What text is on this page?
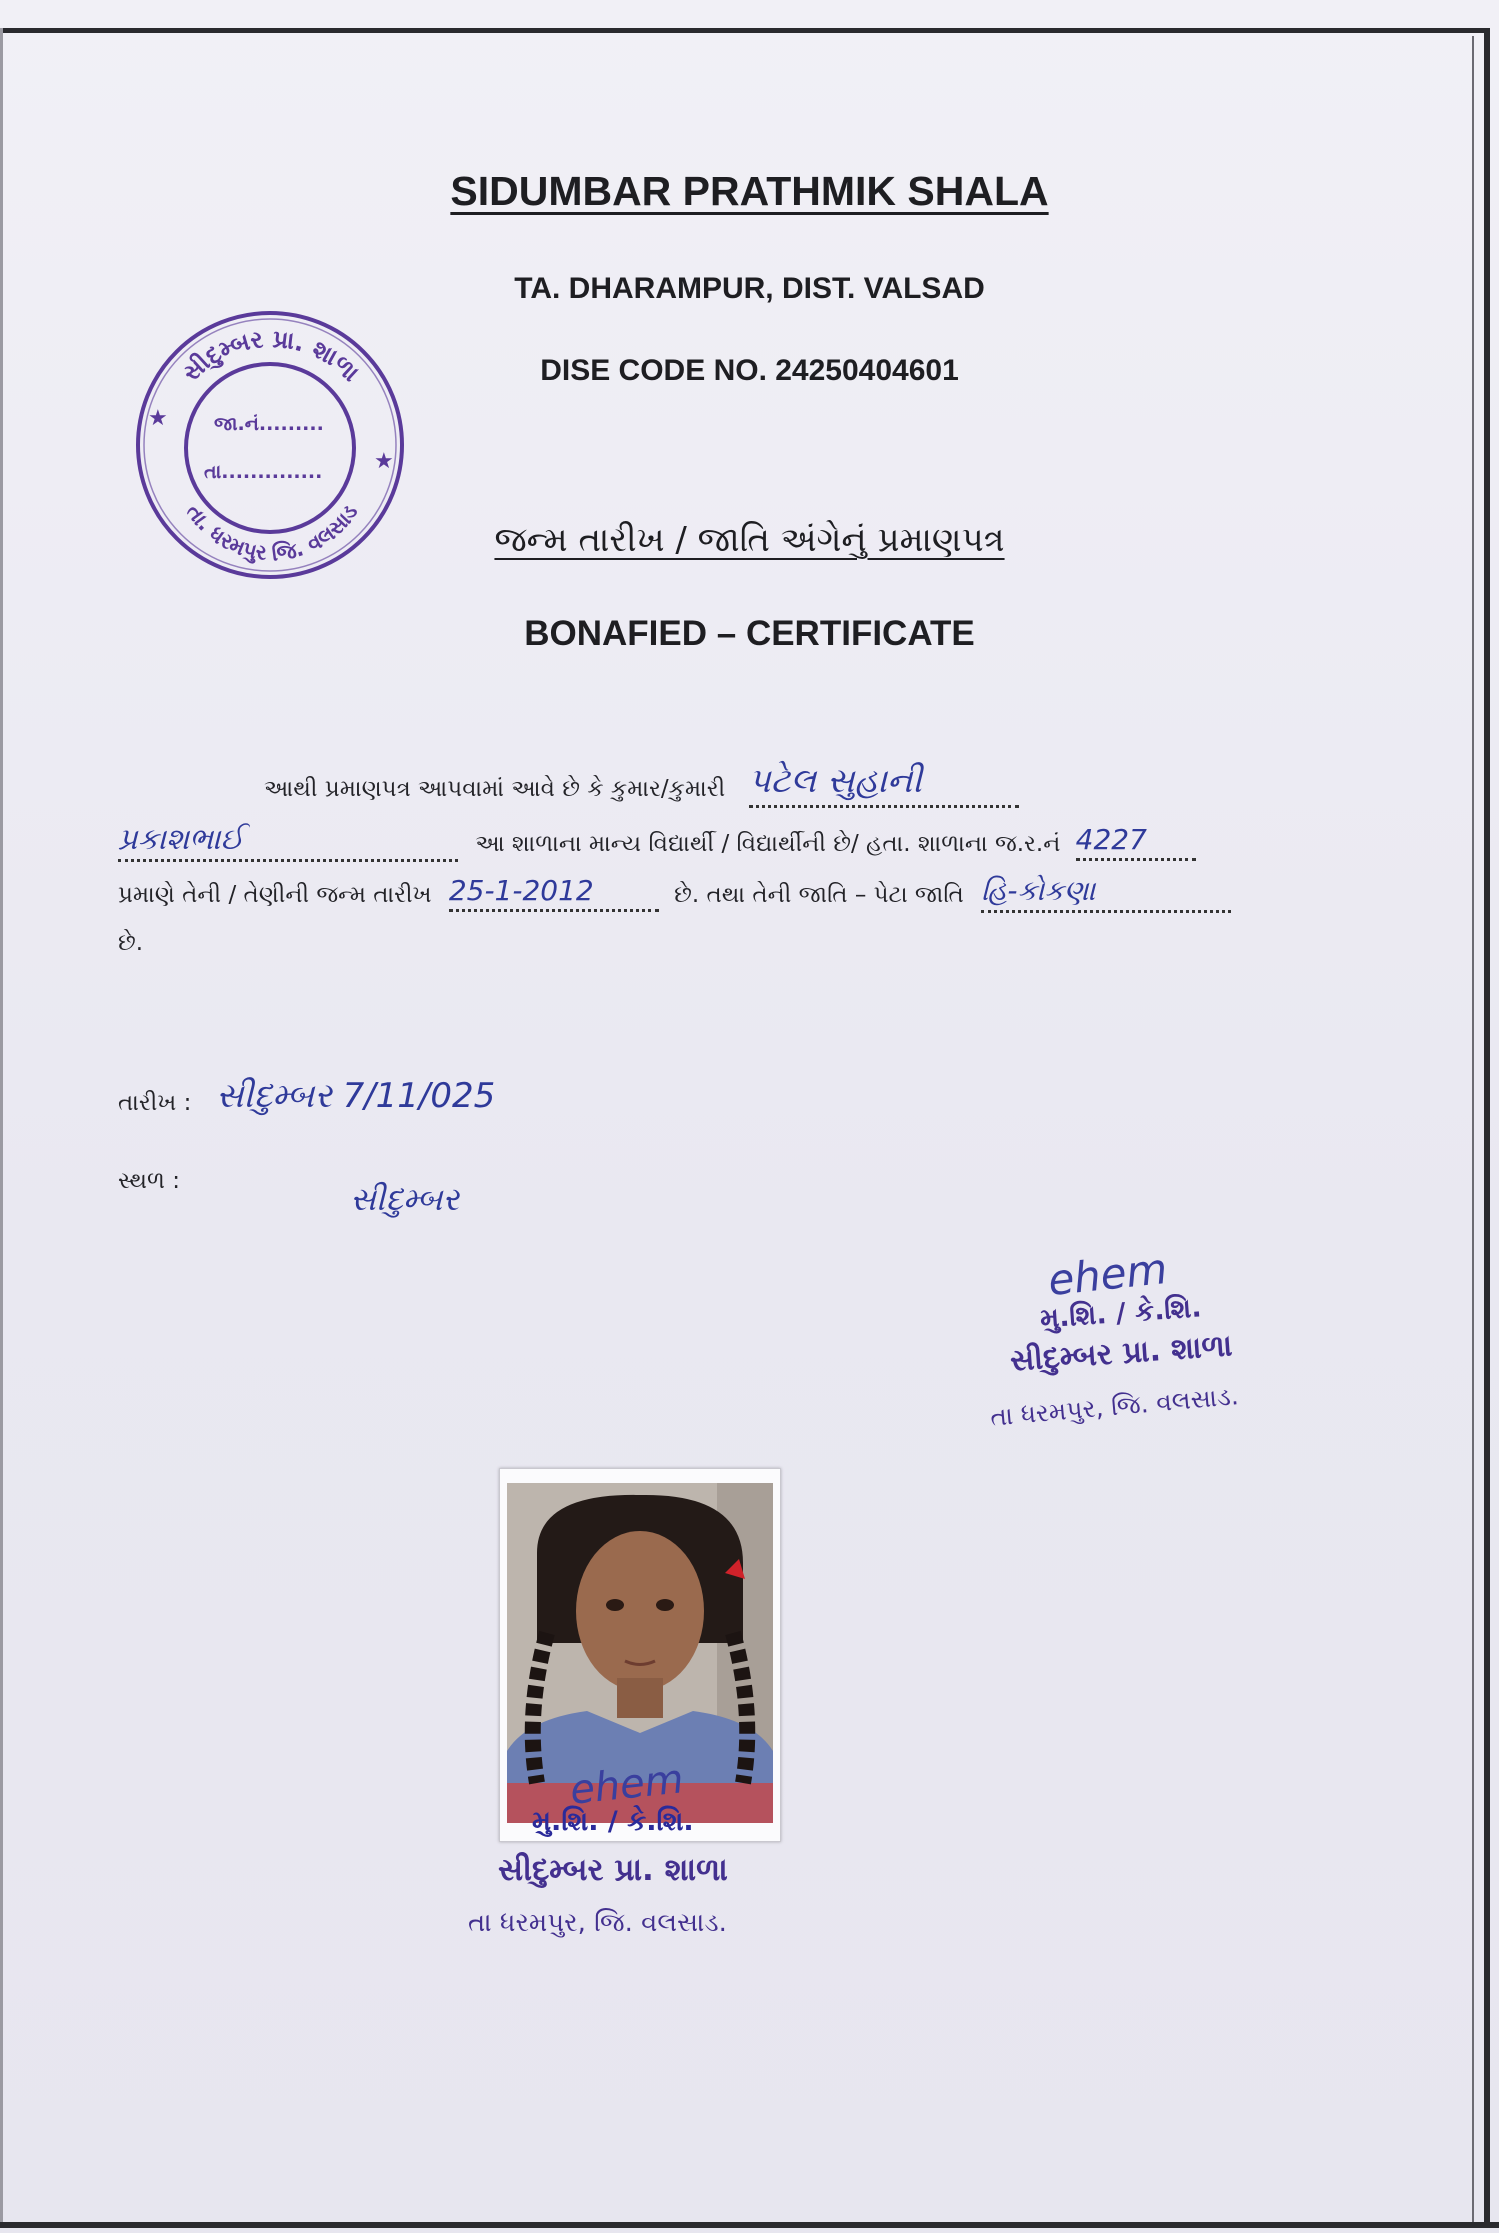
SIDUMBAR PRATHMIK SHALA
TA. DHARAMPUR, DIST. VALSAD
DISE CODE NO. 24250404601
જન્મ તારીખ / જાતિ અંગેનું પ્રમાણપત્ર
BONAFIED – CERTIFICATE
સીદુમ્બર પ્રા. શાળા
તા. ધરમપુર જિ. વલસાડ
★
★
જા.નં.........
તા..............
આથી પ્રમાણપત્ર આપવામાં આવે છે કે કુમાર/કુમારી પટેલ સુહાની
પ્રકાશભાઈ	આ શાળાના માન્ય વિદ્યાર્થી / વિદ્યાર્થીની છે/ હતા. શાળાના જ.ર.નં 4227
પ્રમાણે તેની / તેણીની જન્મ તારીખ 25-1-2012	છે. તથા તેની જાતિ – પેટા જાતિ હિ-કોકણા
છે.
તારીખ : સીદુમ્બર 7/11/025
સ્થળ :	સીદુમ્બર
ehem
મુ.શિ. / કે.શિ.
સીદુમ્બર પ્રા. શાળા
તા ધરમપુર, જિ. વલસાડ.
ehem
મુ.શિ. / કે.શિ.
સીદુમ્બર પ્રા. શાળા
તા ધરમપુર, જિ. વલસાડ.
